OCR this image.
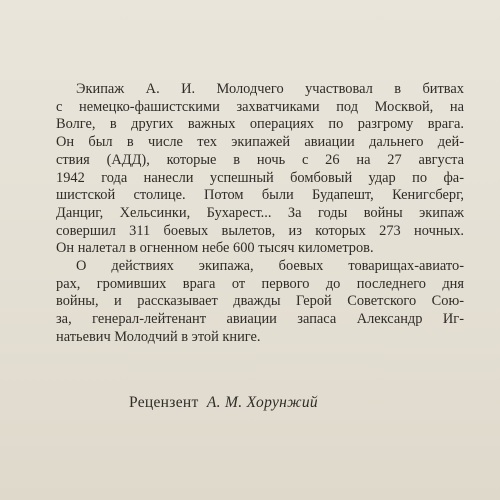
Экипаж А. И. Молодчего участвовал в битвах
с немецко-фашистскими захватчиками под Москвой, на
Волге, в других важных операциях по разгрому врага.
Он был в числе тех экипажей авиации дальнего дей-
ствия (АДД), которые в ночь с 26 на 27 августа
1942 года нанесли успешный бомбовый удар по фа-
шистской столице. Потом были Будапешт, Кенигсберг,
Данциг, Хельсинки, Бухарест... За годы войны экипаж
совершил 311 боевых вылетов, из которых 273 ночных.
Он налетал в огненном небе 600 тысяч километров.

О действиях экипажа, боевых товарищах-авиато-
рах, громивших врага от первого до последнего дня
войны, и рассказывает дважды Герой Советского Сою-
за, генерал-лейтенант авиации запаса Александр Иг-
натьевич Молодчий в этой книге.

Рецензент А. М. Хорунжий
